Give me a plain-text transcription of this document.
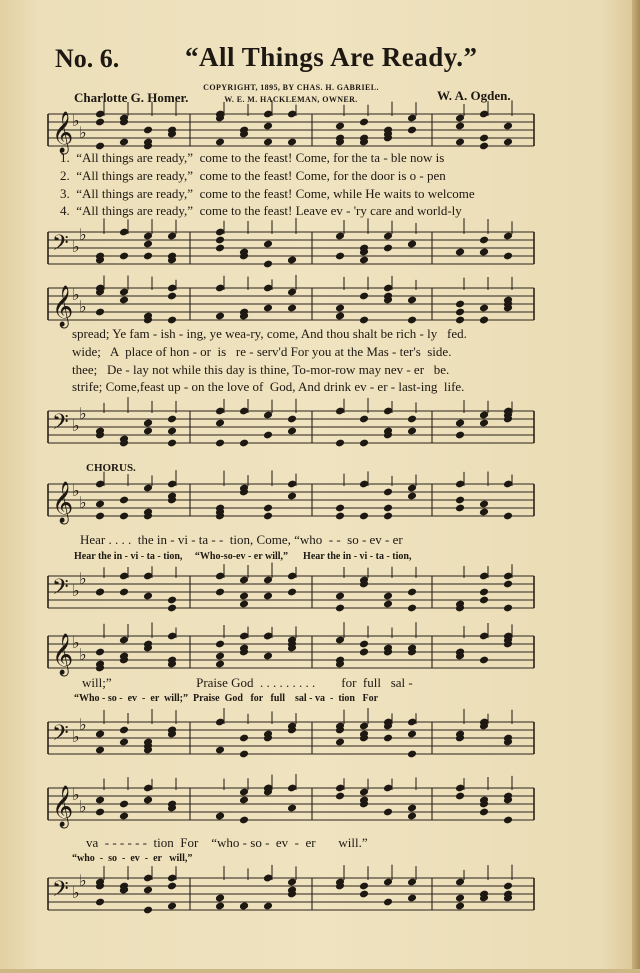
No. 6. “All Things Are Ready.”
Charlotte G. Homer.
COPYRIGHT, 1895, BY CHAS. H. GABRIEL.
W. E. M. HACKLEMAN, OWNER.	W. A. Ogden.
𝄞
♭
♭
1.  “All things are ready,”  come to the feast! Come, for the ta - ble now is
2.  “All things are ready,”  come to the feast! Come, for the door is o - pen
3.  “All things are ready,”  come to the feast! Come, while He waits to welcome
4.  “All things are ready,”  come to the feast! Leave ev - 'ry care and world-ly
𝄢 ♭
♭
𝄞
♭
♭
spread; Ye fam - ish - ing, ye wea-ry, come, And thou shalt be rich - ly   fed.
wide;   A  place of hon - or  is   re - serv'd For you at the Mas - ter's  side.
thee;   De - lay not while this day is thine, To-mor-row may nev - er   be.
strife; Come,feast up - on the love of  God, And drink ev - er - last-ing  life.
𝄢 ♭
♭
CHORUS.
𝄞
♭
♭
Hear . . . .  the in - vi - ta - -  tion, Come, “who  - -  so - ev - er
Hear the in - vi - ta - tion,     “Who-so-ev - er will,”      Hear the in - vi - ta - tion,
𝄢 ♭
♭
𝄞
♭
♭
will;”                          Praise God  . . . . . . . . .        for  full   sal -
“Who - so -  ev  -  er  will;”  Praise  God   for   full    sal - va  -  tion   For
𝄢 ♭
♭
𝄞
♭
♭
va  - - - - - -  tion  For    “who - so -  ev  -  er       will.”
“who  -  so  -  ev  -  er   will,”
𝄢 ♭
♭
